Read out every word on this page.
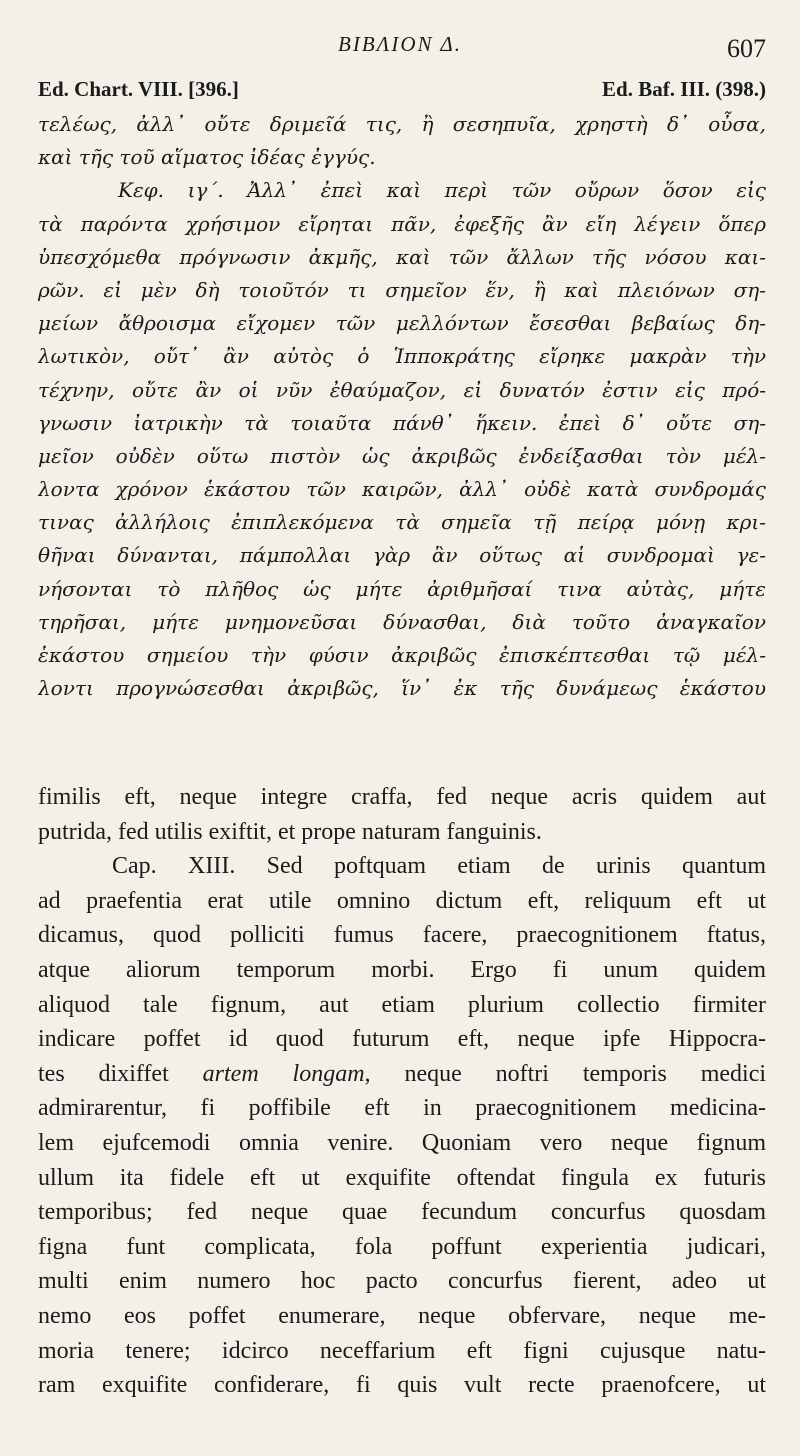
ΒΙΒΛΙΟΝ Δ.	607
Ed. Chart. VIII. [396.]	Ed. Baf. III. (398.)
τελέως, ἀλλ᾽ οὔτε δριμεῖά τις, ἢ σεσηπυῖα, χρηστὴ δ᾽ οὖσα,
καὶ τῆς τοῦ αἵματος ἰδέας ἐγγύς.
Κεφ. ιγ΄. Ἀλλ᾽ ἐπεὶ καὶ περὶ τῶν οὔρων ὅσον εἰς
τὰ παρόντα χρήσιμον εἴρηται πᾶν, ἐφεξῆς ἂν εἴη λέγειν ὅπερ
ὑπεσχόμεθα πρόγνωσιν ἀκμῆς, καὶ τῶν ἄλλων τῆς νόσου και-
ρῶν. εἰ μὲν δὴ τοιοῦτόν τι σημεῖον ἕν, ἢ καὶ πλειόνων ση-
μείων ἄθροισμα εἴχομεν τῶν μελλόντων ἔσεσθαι βεβαίως δη-
λωτικὸν, οὔτ᾽ ἂν αὐτὸς ὁ Ἱπποκράτης εἴρηκε μακρὰν τὴν
τέχνην, οὔτε ἂν οἱ νῦν ἐθαύμαζον, εἰ δυνατόν ἐστιν εἰς πρό-
γνωσιν ἰατρικὴν τὰ τοιαῦτα πάνθ᾽ ἥκειν. ἐπεὶ δ᾽ οὔτε ση-
μεῖον οὐδὲν οὕτω πιστὸν ὡς ἀκριβῶς ἐνδείξασθαι τὸν μέλ-
λοντα χρόνον ἑκάστου τῶν καιρῶν, ἀλλ᾽ οὐδὲ κατὰ συνδρομάς
τινας ἀλλήλοις ἐπιπλεκόμενα τὰ σημεῖα τῇ πείρᾳ μόνῃ κρι-
θῆναι δύνανται, πάμπολλαι γὰρ ἂν οὕτως αἱ συνδρομαὶ γε-
νήσονται τὸ πλῆθος ὡς μήτε ἀριθμῆσαί τινα αὐτὰς, μήτε
τηρῆσαι, μήτε μνημονεῦσαι δύνασθαι, διὰ τοῦτο ἀναγκαῖον
ἑκάστου σημείου τὴν φύσιν ἀκριβῶς ἐπισκέπτεσθαι τῷ μέλ-
λοντι προγνώσεσθαι ἀκριβῶς, ἵν᾽ ἐκ τῆς δυνάμεως ἑκάστου
fimilis eft, neque integre craffa, fed neque acris quidem aut
putrida, fed utilis exiftit, et prope naturam fanguinis.
Cap. XIII. Sed poftquam etiam de urinis quantum
ad praefentia erat utile omnino dictum eft, reliquum eft ut
dicamus, quod polliciti fumus facere, praecognitionem ftatus,
atque aliorum temporum morbi. Ergo fi unum quidem
aliquod tale fignum, aut etiam plurium collectio firmiter
indicare poffet id quod futurum eft, neque ipfe Hippocra-
tes dixiffet artem longam, neque noftri temporis medici
admirarentur, fi poffibile eft in praecognitionem medicina-
lem ejufcemodi omnia venire. Quoniam vero neque fignum
ullum ita fidele eft ut exquifite oftendat fingula ex futuris
temporibus; fed neque quae fecundum concurfus quosdam
figna funt complicata, fola poffunt experientia judicari,
multi enim numero hoc pacto concurfus fierent, adeo ut
nemo eos poffet enumerare, neque obfervare, neque me-
moria tenere; idcirco neceffarium eft figni cujusque natu-
ram exquifite confiderare, fi quis vult recte praenofcere, ut
